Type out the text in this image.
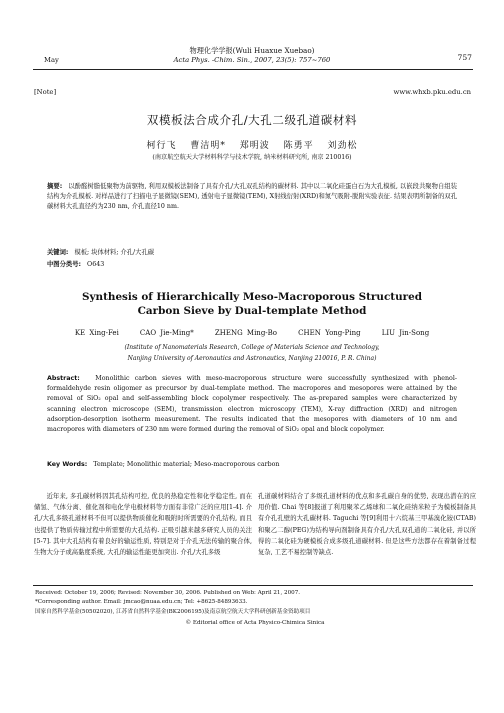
物理化学学报(Wuli Huaxue Xuebao)
May	Acta Phys. -Chim. Sin., 2007, 23(5): 757~760	757
[Note]	www.whxb.pku.edu.cn
双模板法合成介孔/大孔二级孔道碳材料
柯行飞 曹洁明* 郑明波 陈勇平 刘劲松
(南京航空航天大学材料科学与技术学院, 纳米材料研究所, 南京 210016)
摘要: 以酚醛树脂低聚物为前驱物, 利用双模板法制备了具有介孔/大孔双孔结构的碳材料. 其中以二氧化硅蛋白石为大孔模板, 以嵌段共聚物自组装结构为介孔模板. 对样品进行了扫描电子显微镜(SEM), 透射电子显微镜(TEM), X射线衍射(XRD)和氮气吸附-脱附实验表征. 结果表明所制备的双孔碳材料大孔直径约为230 nm, 介孔直径10 nm.
关键词: 模板; 块体材料; 介孔/大孔碳
中图分类号: O643
Synthesis of Hierarchically Meso-Macroporous Structured
Carbon Sieve by Dual-template Method
KE Xing-Fei     CAO Jie-Ming*     ZHENG Ming-Bo     CHEN Yong-Ping     LIU Jin-Song
(Institute of Nanomaterials Research, College of Materials Science and Technology,
Nanjing University of Aeronautics and Astronautics, Nanjing 210016, P. R. China)
Abstract: Monolithic carbon sieves with meso-macroporous structure were successfully synthesized with phenol-formaldehyde resin oligomer as precursor by dual-template method. The macropores and mesopores were attained by the removal of SiO₂ opal and self-assembling block copolymer respectively. The as-prepared samples were characterized by scanning electron microscope (SEM), transmission electron microscopy (TEM), X-ray diffraction (XRD) and nitrogen adsorption-desorption isotherm measurement. The results indicated that the mesopores with diameters of 10 nm and macropores with diameters of 230 nm were formed during the removal of SiO₂ opal and block copolymer.
Key Words: Template; Monolithic material; Meso-macroporous carbon

近年来, 多孔碳材料因其孔结构可控, 优良的热稳定性和化学稳定性, 而在储氢、气体分离、催化剂和电化学电极材料等方面有非常广泛的应用[1-4]. 介孔/大孔多级孔道材料不但可以提供物质催化和吸附时所需要的介孔结构, 而且也提供了物质传输过程中所需要的大孔结构. 正吸引越来越多研究人员的关注[5-7]. 其中大孔结构有着良好的输运性质, 特别是对于介孔无法传输的聚合体, 生物大分子或高黏度系统, 大孔的输运性能更加突出. 介孔/大孔多级

孔道碳材料结合了多级孔道材料的优点和多孔碳自身的优势, 表现出潜在的应用价值. Chai 等[8]报道了利用聚苯乙烯球和二氧化硅纳米粒子为模板制备具有介孔孔壁的大孔碳材料. Taguchi 等[9]利用十六烷基三甲基溴化铵(CTAB)和聚乙二醇(PEG)为结构导向剂制备具有介孔/大孔双孔道的二氧化硅, 并以所得的二氧化硅为硬模板合成多级孔道碳材料. 但是这些方法都存在着制备过程复杂, 工艺不易控制等缺点.

Received: October 19, 2006; Revised: November 30, 2006. Published on Web: April 21, 2007.
*Corresponding author. Email: jmcao@nuaa.edu.cn; Tel: +8625-84893633.
国家自然科学基金(50502020), 江苏省自然科学基金(BK2006195)及南京航空航天大学科研创新基金资助项目
© Editorial office of Acta Physico-Chimica Sinica
